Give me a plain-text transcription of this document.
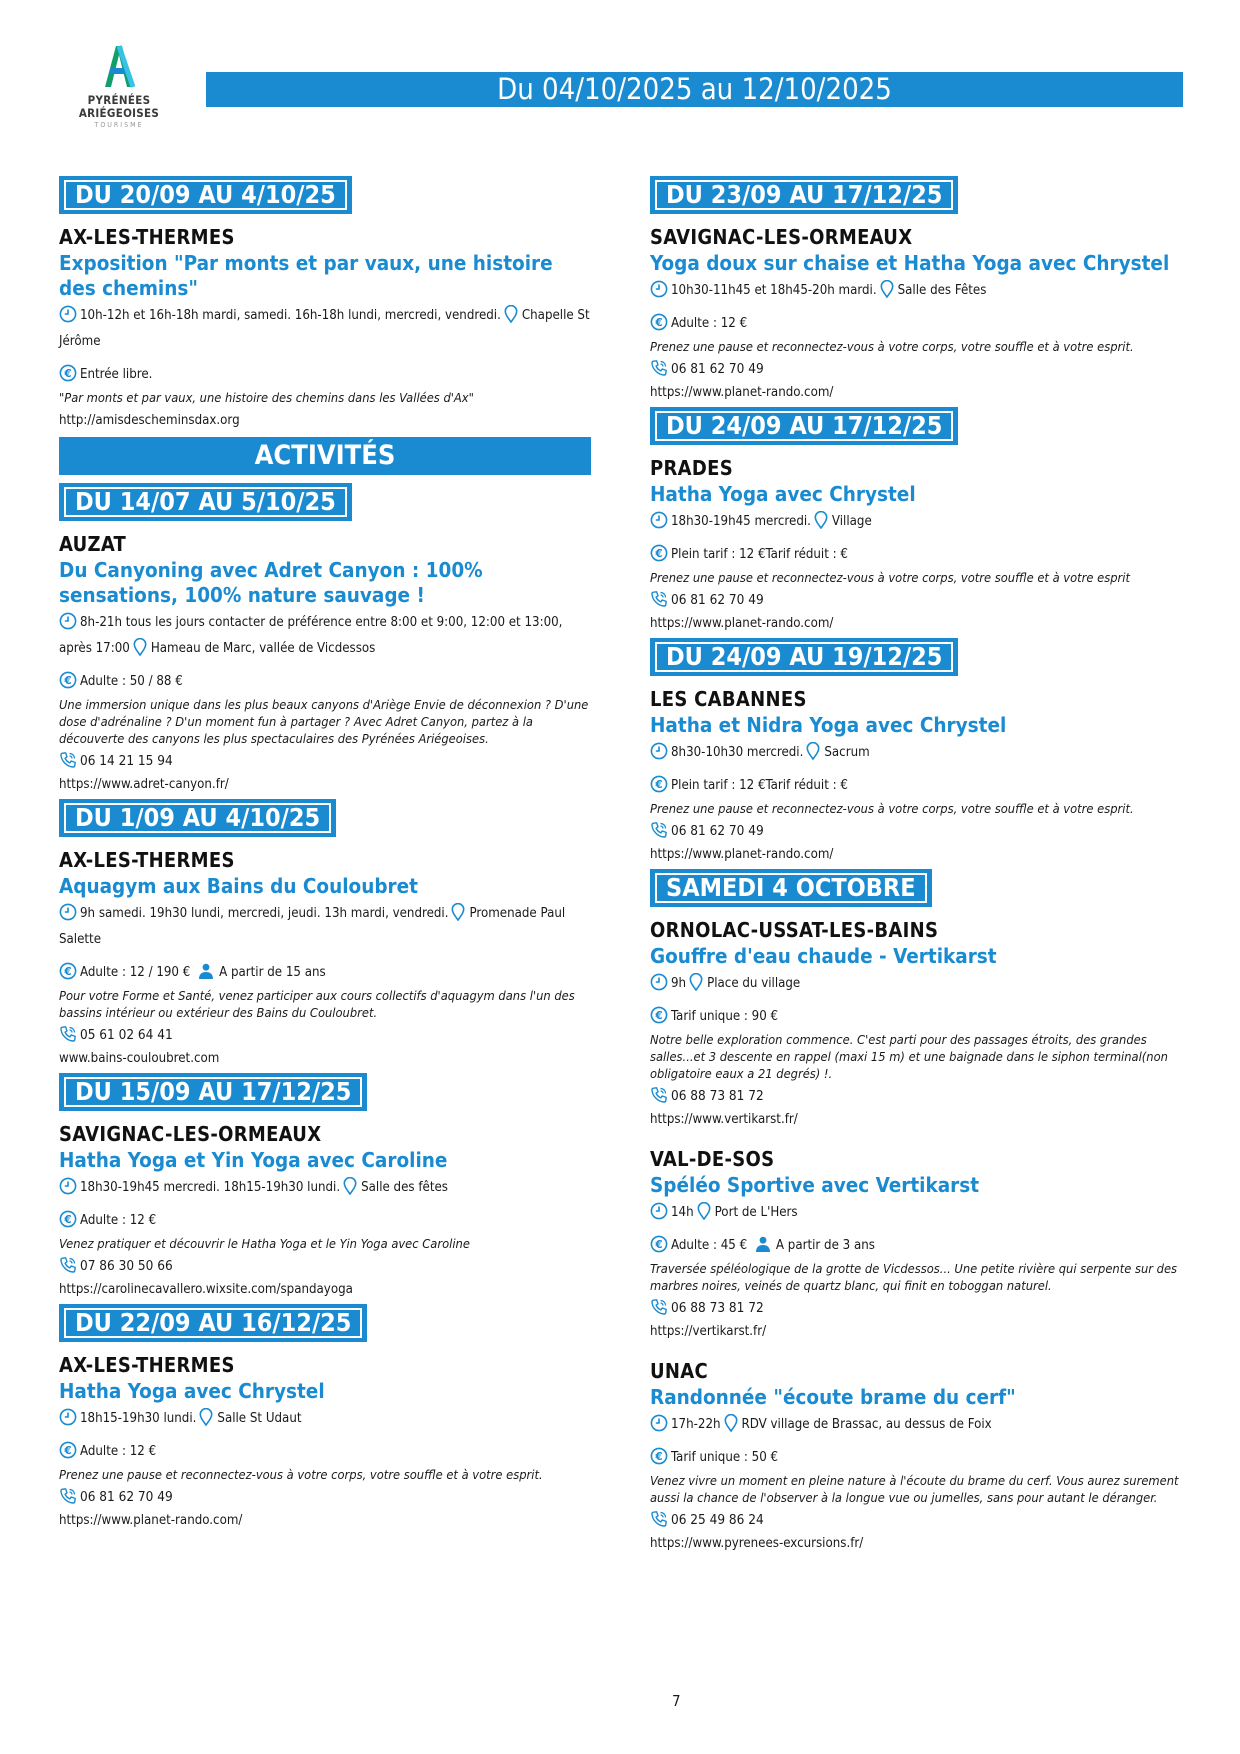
PYRÉNÉES
ARIÉGEOISES
TOURISME
Du 04/10/2025 au 12/10/2025
DU 20/09 AU 4/10/25
AX-LES-THERMES
Exposition "Par monts et par vaux, une histoire des chemins"
10h-12h et 16h-18h mardi, samedi. 16h-18h lundi, mercredi, vendredi. Chapelle St Jérôme
Entrée libre.
"Par monts et par vaux, une histoire des chemins dans les Vallées d'Ax"
http://amisdescheminsdax.org
ACTIVITÉS
DU 14/07 AU 5/10/25
AUZAT
Du Canyoning avec Adret Canyon : 100% sensations, 100% nature sauvage !
8h-21h tous les jours contacter de préférence entre 8:00 et 9:00, 12:00 et 13:00, après 17:00 Hameau de Marc, vallée de Vicdessos
Adulte : 50 / 88 €
Une immersion unique dans les plus beaux canyons d'Ariège Envie de déconnexion ? D'une dose d'adrénaline ? D'un moment fun à partager ? Avec Adret Canyon, partez à la découverte des canyons les plus spectaculaires des Pyrénées Ariégeoises.
06 14 21 15 94
https://www.adret-canyon.fr/
DU 1/09 AU 4/10/25
AX-LES-THERMES
Aquagym aux Bains du Couloubret
9h samedi. 19h30 lundi, mercredi, jeudi. 13h mardi, vendredi. Promenade Paul Salette
Adulte : 12 / 190 € A partir de 15 ans
Pour votre Forme et Santé, venez participer aux cours collectifs d'aquagym dans l'un des bassins intérieur ou extérieur des Bains du Couloubret.
05 61 02 64 41
www.bains-couloubret.com
DU 15/09 AU 17/12/25
SAVIGNAC-LES-ORMEAUX
Hatha Yoga et Yin Yoga avec Caroline
18h30-19h45 mercredi. 18h15-19h30 lundi. Salle des fêtes
Adulte : 12 €
Venez pratiquer et découvrir le Hatha Yoga et le Yin Yoga avec Caroline
07 86 30 50 66
https://carolinecavallero.wixsite.com/spandayoga
DU 22/09 AU 16/12/25
AX-LES-THERMES
Hatha Yoga avec Chrystel
18h15-19h30 lundi. Salle St Udaut
Adulte : 12 €
Prenez une pause et reconnectez-vous à votre corps, votre souffle et à votre esprit.
06 81 62 70 49
https://www.planet-rando.com/
DU 23/09 AU 17/12/25
SAVIGNAC-LES-ORMEAUX
Yoga doux sur chaise et Hatha Yoga avec Chrystel
10h30-11h45 et 18h45-20h mardi. Salle des Fêtes
Adulte : 12 €
Prenez une pause et reconnectez-vous à votre corps, votre souffle et à votre esprit.
06 81 62 70 49
https://www.planet-rando.com/
DU 24/09 AU 17/12/25
PRADES
Hatha Yoga avec Chrystel
18h30-19h45 mercredi. Village
Plein tarif : 12 €Tarif réduit : €
Prenez une pause et reconnectez-vous à votre corps, votre souffle et à votre esprit
06 81 62 70 49
https://www.planet-rando.com/
DU 24/09 AU 19/12/25
LES CABANNES
Hatha et Nidra Yoga avec Chrystel
8h30-10h30 mercredi. Sacrum
Plein tarif : 12 €Tarif réduit : €
Prenez une pause et reconnectez-vous à votre corps, votre souffle et à votre esprit.
06 81 62 70 49
https://www.planet-rando.com/
SAMEDI 4 OCTOBRE
ORNOLAC-USSAT-LES-BAINS
Gouffre d'eau chaude - Vertikarst
9h Place du village
Tarif unique : 90 €
Notre belle exploration commence. C'est parti pour des passages étroits, des grandes salles...et 3 descente en rappel (maxi 15 m) et une baignade dans le siphon terminal(non obligatoire eaux a 21 degrés) !.
06 88 73 81 72
https://www.vertikarst.fr/
VAL-DE-SOS
Spéléo Sportive avec Vertikarst
14h Port de L'Hers
Adulte : 45 € A partir de 3 ans
Traversée spéléologique de la grotte de Vicdessos... Une petite rivière qui serpente sur des marbres noires, veinés de quartz blanc, qui finit en toboggan naturel.
06 88 73 81 72
https://vertikarst.fr/
UNAC
Randonnée "écoute brame du cerf"
17h-22h RDV village de Brassac, au dessus de Foix
Tarif unique : 50 €
Venez vivre un moment en pleine nature à l'écoute du brame du cerf. Vous aurez surement aussi la chance de l'observer à la longue vue ou jumelles, sans pour autant le déranger.
06 25 49 86 24
https://www.pyrenees-excursions.fr/
7
